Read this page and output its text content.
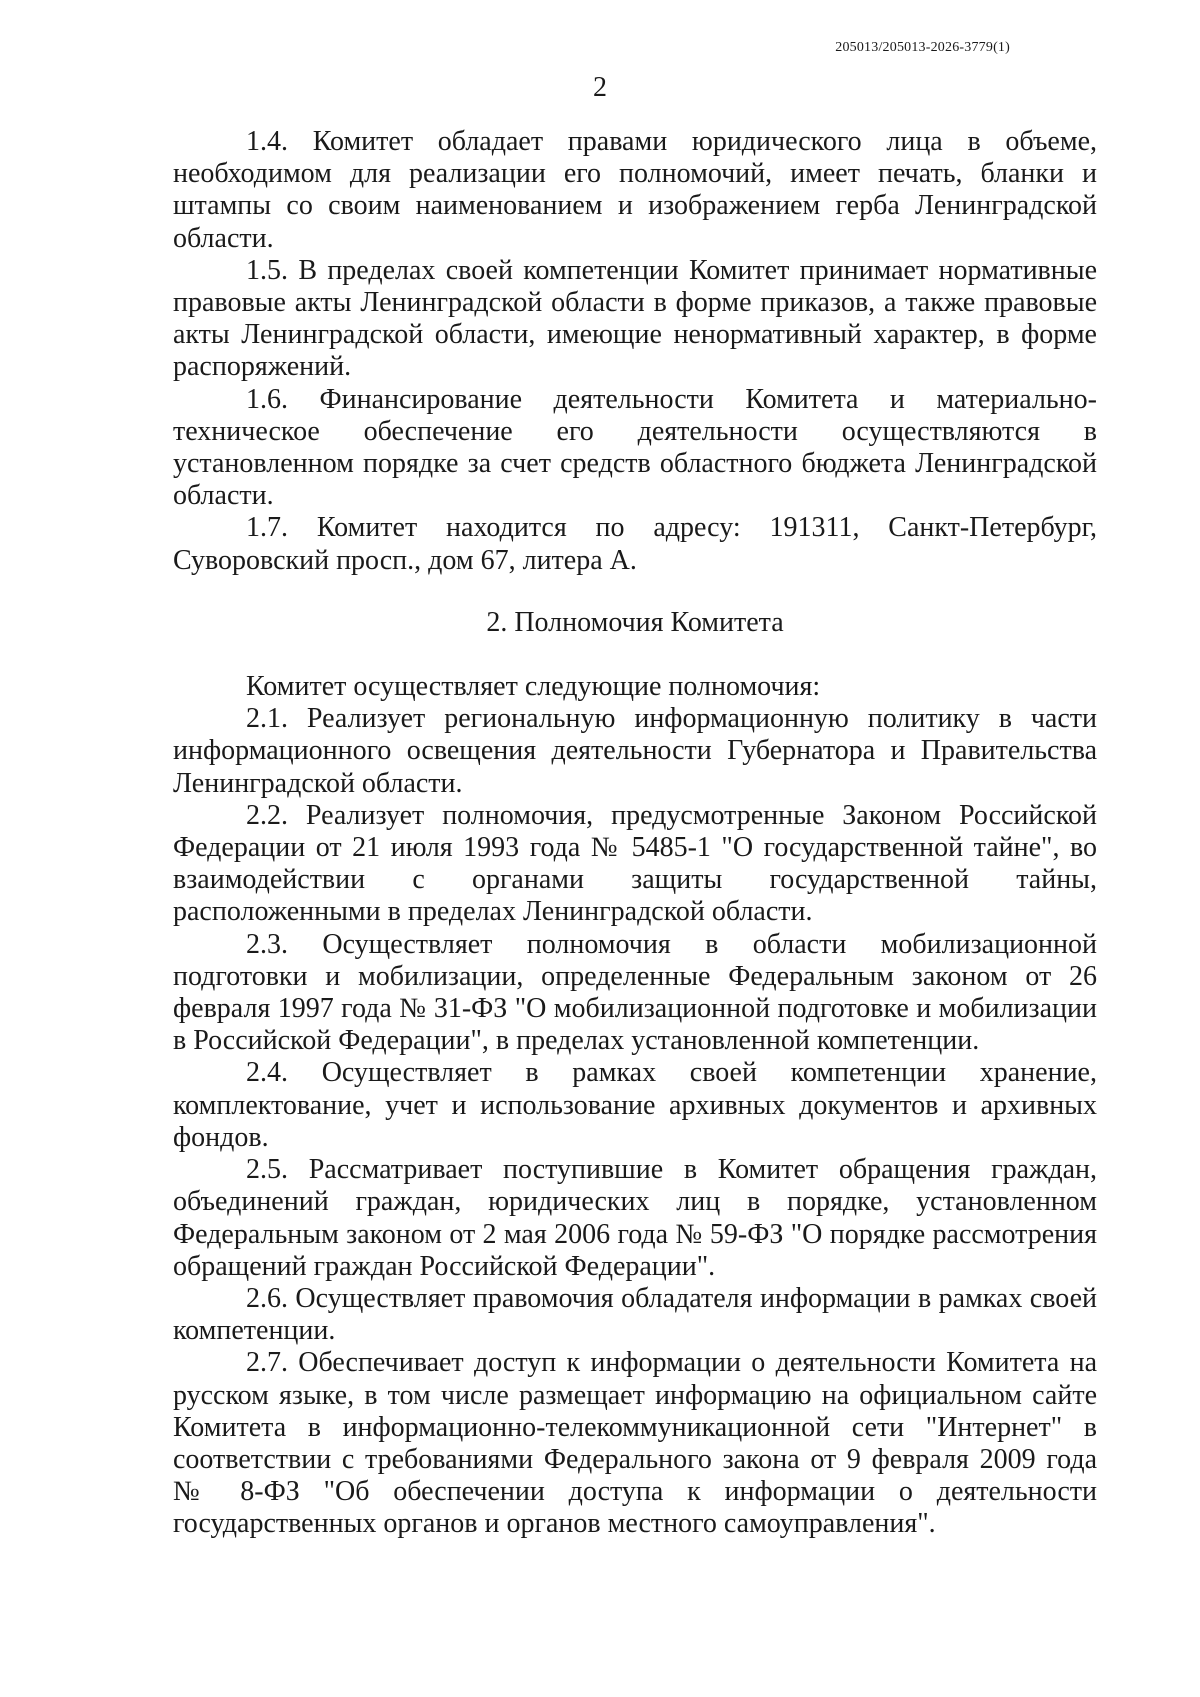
205013/205013-2026-3779(1)
2

1.4. Комитет обладает правами юридического лица в объеме, необходимом для реализации его полномочий, имеет печать, бланки и штампы со своим наименованием и изображением герба Ленинградской области.

1.5. В пределах своей компетенции Комитет принимает нормативные правовые акты Ленинградской области в форме приказов, а также правовые акты Ленинградской области, имеющие ненормативный характер, в форме распоряжений.

1.6. Финансирование деятельности Комитета и материально-техническое обеспечение его деятельности осуществляются в установленном порядке за счет средств областного бюджета Ленинградской области.

1.7. Комитет находится по адресу: 191311, Санкт-Петербург, Суворовский просп., дом 67, литера А.

2. Полномочия Комитета

Комитет осуществляет следующие полномочия:

2.1. Реализует региональную информационную политику в части информационного освещения деятельности Губернатора и Правительства Ленинградской области.

2.2. Реализует полномочия, предусмотренные Законом Российской Федерации от 21 июля 1993 года № 5485-1 "О государственной тайне", во взаимодействии с органами защиты государственной тайны, расположенными в пределах Ленинградской области.

2.3. Осуществляет полномочия в области мобилизационной подготовки и мобилизации, определенные Федеральным законом от 26 февраля 1997 года № 31-ФЗ "О мобилизационной подготовке и мобилизации в Российской Федерации", в пределах установленной компетенции.

2.4. Осуществляет в рамках своей компетенции хранение, комплектование, учет и использование архивных документов и архивных фондов.

2.5. Рассматривает поступившие в Комитет обращения граждан, объединений граждан, юридических лиц в порядке, установленном Федеральным законом от 2 мая 2006 года № 59-ФЗ "О порядке рассмотрения обращений граждан Российской Федерации".

2.6. Осуществляет правомочия обладателя информации в рамках своей компетенции.

2.7. Обеспечивает доступ к информации о деятельности Комитета на русском языке, в том числе размещает информацию на официальном сайте Комитета в информационно-телекоммуникационной сети "Интернет" в соответствии с требованиями Федерального закона от 9 февраля 2009 года № 8-ФЗ "Об обеспечении доступа к информации о деятельности государственных органов и органов местного самоуправления".
